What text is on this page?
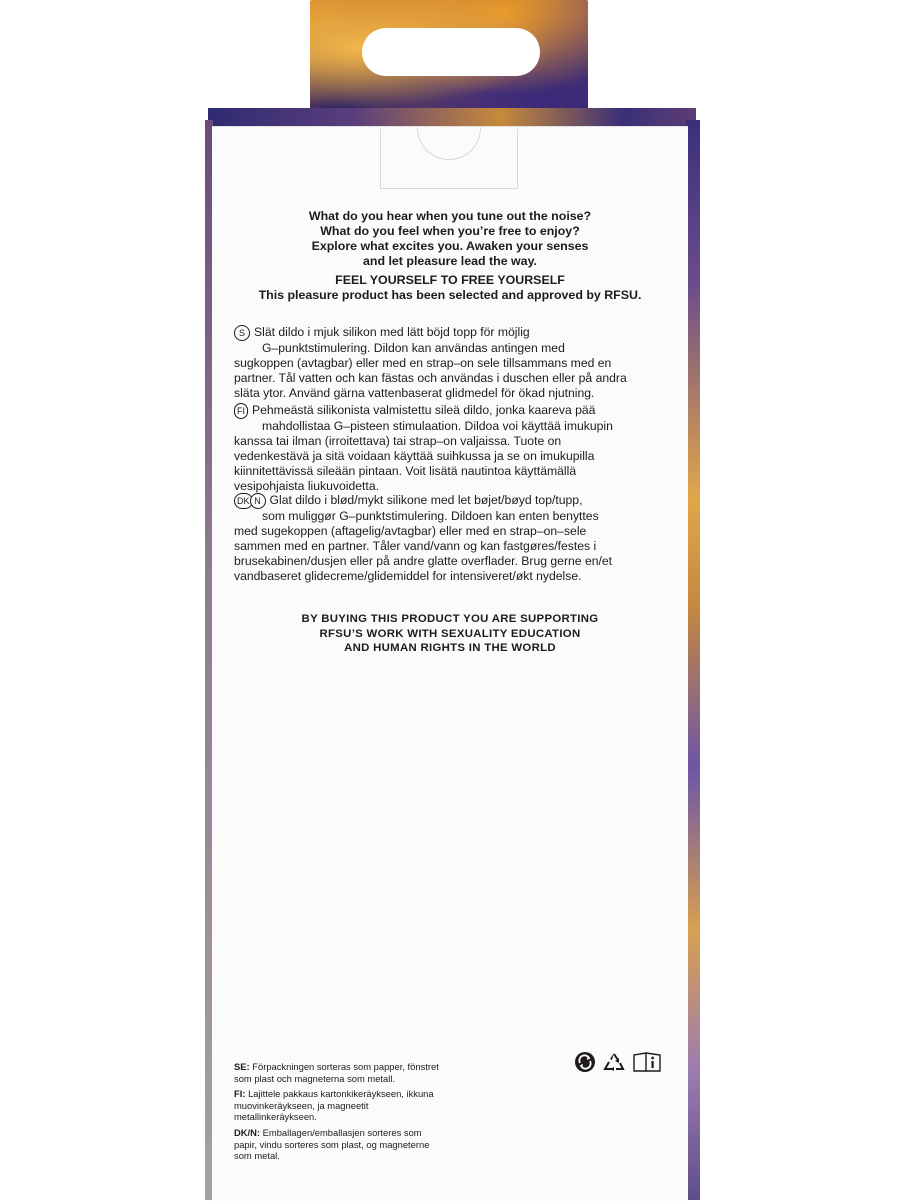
What do you hear when you tune out the noise?

What do you feel when you’re free to enjoy?

Explore what excites you. Awaken your senses

and let pleasure lead the way.

FEEL YOURSELF TO FREE YOURSELF

This pleasure product has been selected and approved by RFSU.

S Slät dildo i mjuk silikon med lätt böjd topp för möjlig

G–punktstimulering. Dildon kan användas antingen med

sugkoppen (avtagbar) eller med en strap–on sele tillsammans med en

partner. Tål vatten och kan fästas och användas i duschen eller på andra

släta ytor. Använd gärna vattenbaserat glidmedel för ökad njutning.

FI Pehmeästä silikonista valmistettu sileä dildo, jonka kaareva pää

mahdollistaa G–pisteen stimulaation. Dildoa voi käyttää imukupin

kanssa tai ilman (irroitettava) tai strap–on valjaissa. Tuote on

vedenkestävä ja sitä voidaan käyttää suihkussa ja se on imukupilla

kiinnitettävissä sileään pintaan. Voit lisätä nautintoa käyttämällä

vesipohjaista liukuvoidetta.

DK N Glat dildo i blød/mykt silikone med let bøjet/bøyd top/tupp,

som muliggør G–punktstimulering. Dildoen kan enten benyttes

med sugekoppen (aftagelig/avtagbar) eller med en strap–on–sele

sammen med en partner. Tåler vand/vann og kan fastgøres/festes i

brusekabinen/dusjen eller på andre glatte overflader. Brug gerne en/et

vandbaseret glidecreme/glidemiddel for intensiveret/økt nydelse.

BY BUYING THIS PRODUCT YOU ARE SUPPORTING

RFSU’S WORK WITH SEXUALITY EDUCATION

AND HUMAN RIGHTS IN THE WORLD

SE: Förpackningen sorteras som papper, fönstret
som plast och magneterna som metall.

FI: Lajittele pakkaus kartonkikeräykseen, ikkuna
muovinkeräykseen, ja magneetit
metallinkeräykseen.

DK/N: Emballagen/emballasjen sorteres som
papir, vindu sorteres som plast, og magneterne
som metal.
